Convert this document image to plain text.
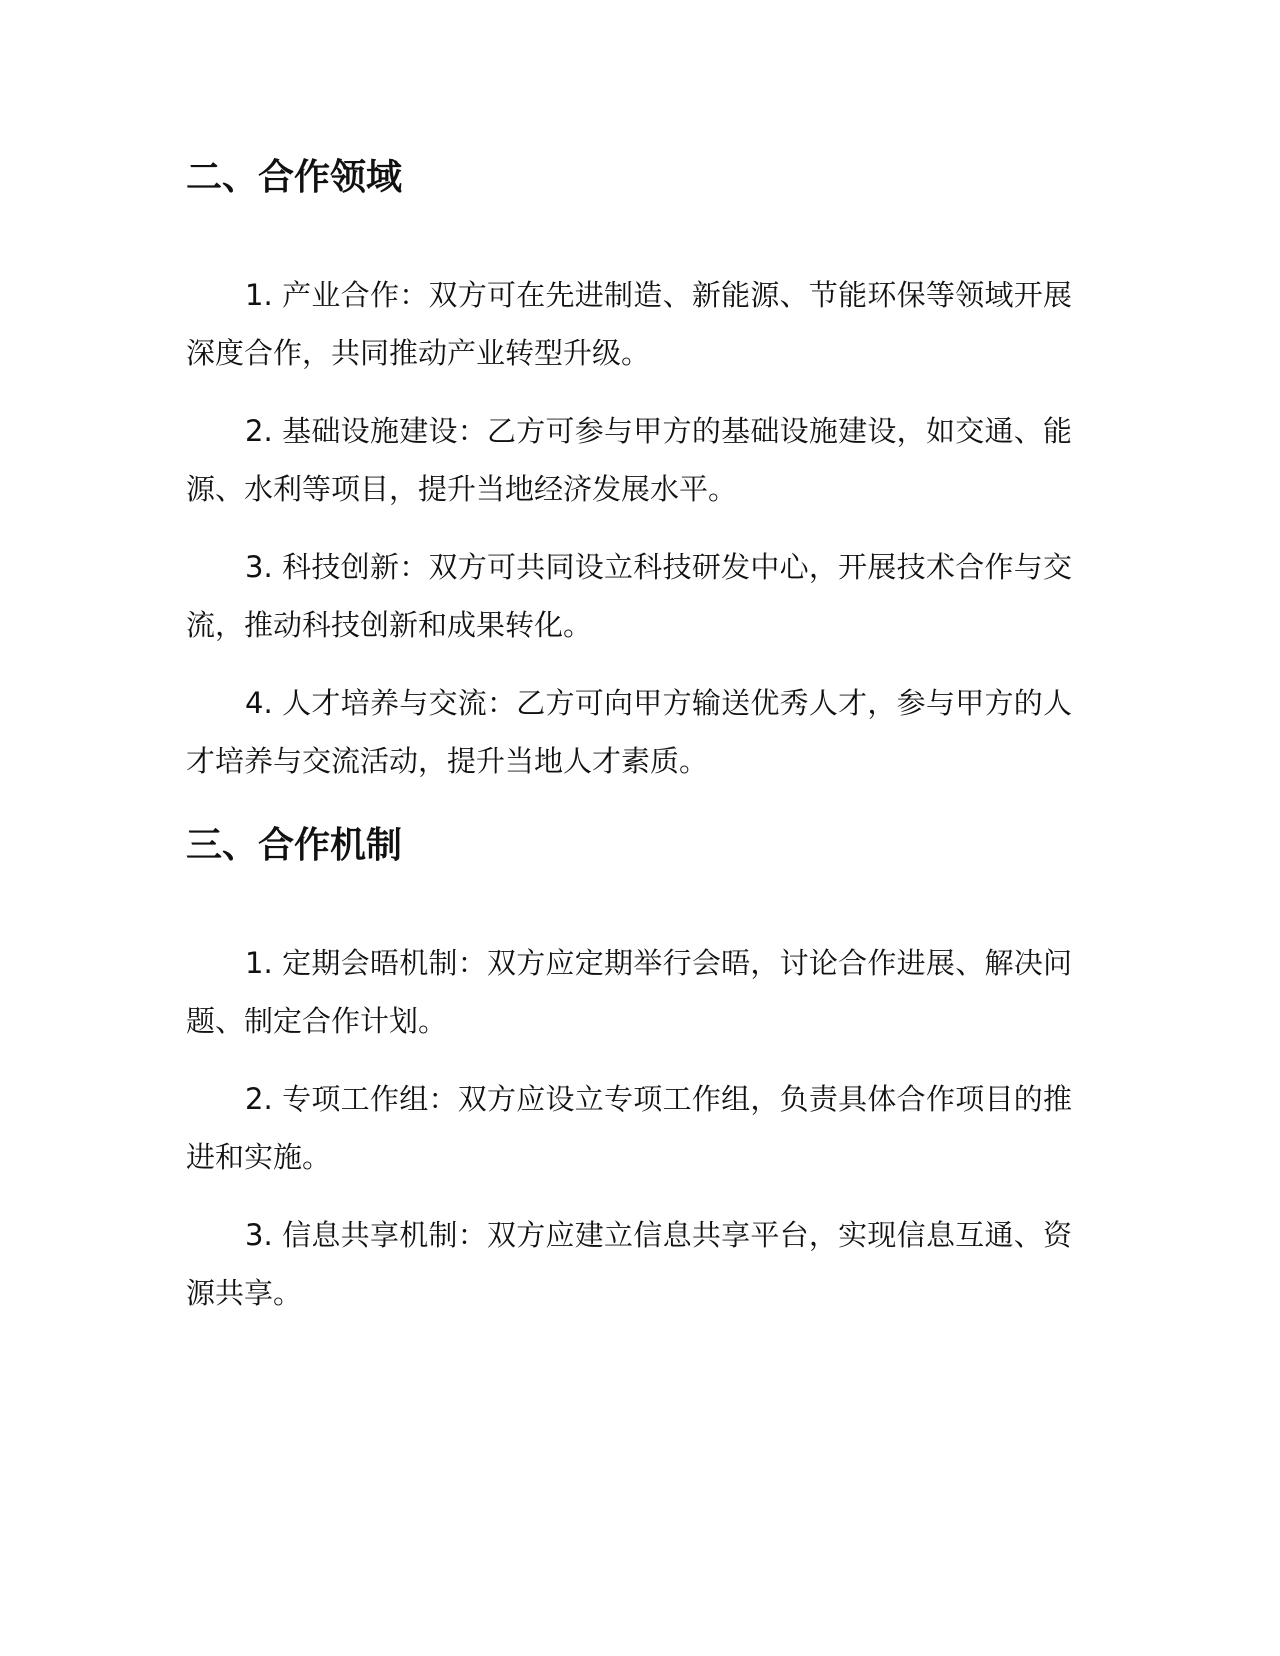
二、合作领域

1. 产业合作：双方可在先进制造、新能源、节能环保等领域开展深度合作，共同推动产业转型升级。

2. 基础设施建设：乙方可参与甲方的基础设施建设，如交通、能源、水利等项目，提升当地经济发展水平。

3. 科技创新：双方可共同设立科技研发中心，开展技术合作与交流，推动科技创新和成果转化。

4. 人才培养与交流：乙方可向甲方输送优秀人才，参与甲方的人才培养与交流活动，提升当地人才素质。

三、合作机制

1. 定期会晤机制：双方应定期举行会晤，讨论合作进展、解决问题、制定合作计划。

2. 专项工作组：双方应设立专项工作组，负责具体合作项目的推进和实施。

3. 信息共享机制：双方应建立信息共享平台，实现信息互通、资源共享。
